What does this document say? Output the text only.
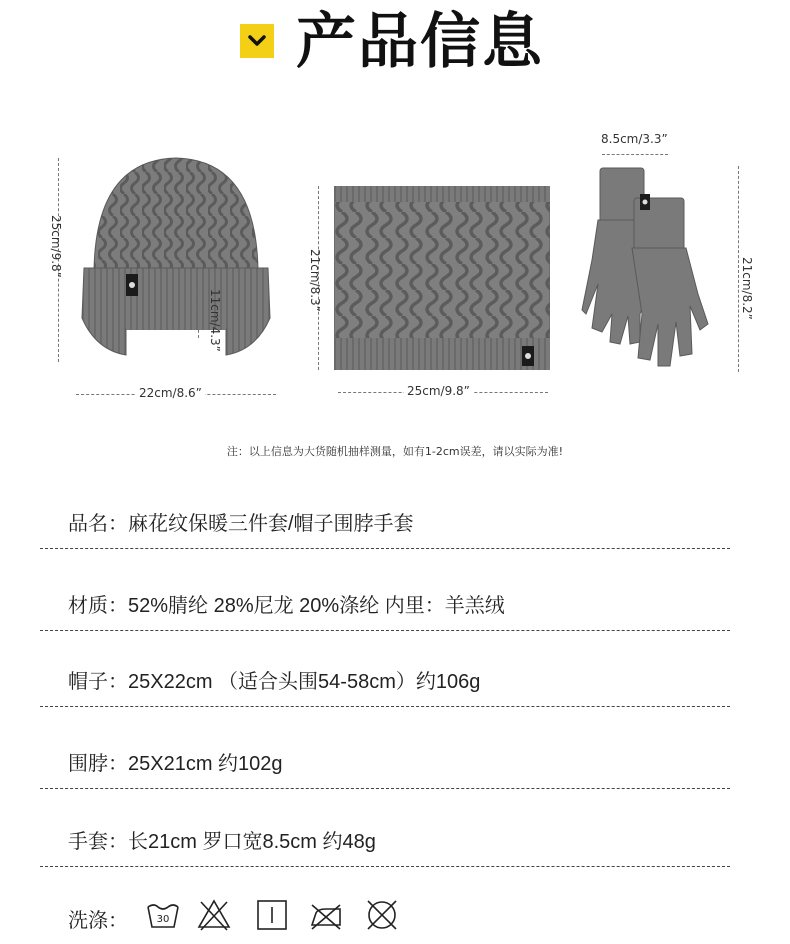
产品信息
25cm/9.8”
11cm/4.3”
22cm/8.6”
21cm/8.3”
25cm/9.8”
8.5cm/3.3”
21cm/8.2”
注：以上信息为大货随机抽样测量，如有1-2cm误差，请以实际为准!
品名：麻花纹保暖三件套/帽子围脖手套
材质：52%腈纶 28%尼龙 20%涤纶 内里：羊羔绒
帽子：25X22cm （适合头围54-58cm）约106g
围脖：25X21cm 约102g
手套：长21cm 罗口宽8.5cm 约48g
洗涤：	30
